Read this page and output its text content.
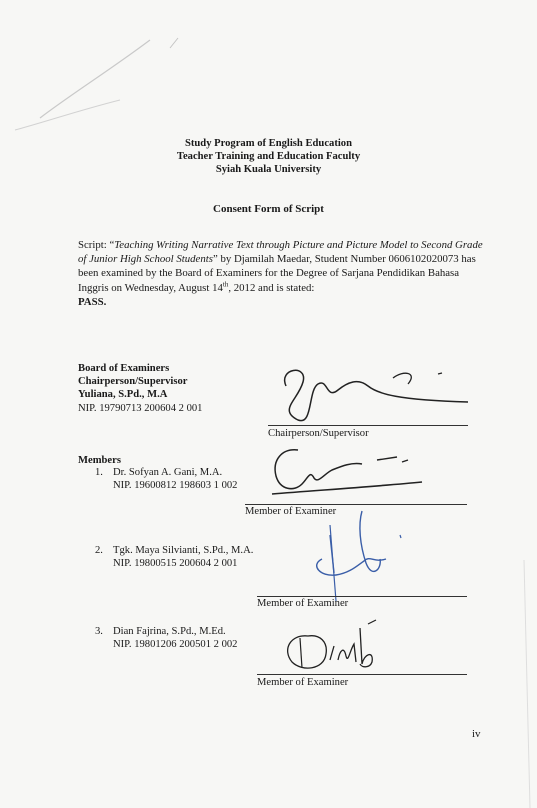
Study Program of English Education
Teacher Training and Education Faculty
Syiah Kuala University
Consent Form of Script
Script: “Teaching Writing Narrative Text through Picture and Picture Model to Second Grade of Junior High School Students” by Djamilah Maedar, Student Number 0606102020073 has been examined by the Board of Examiners for the Degree of Sarjana Pendidikan Bahasa Inggris on Wednesday, August 14th, 2012 and is stated:
PASS.
Board of Examiners
Chairperson/Supervisor
Yuliana, S.Pd., M.A
NIP. 19790713 200604 2 001
Chairperson/Supervisor
Members
1. Dr. Sofyan A. Gani, M.A.
NIP. 19600812 198603 1 002
Member of Examiner
2. Tgk. Maya Silvianti, S.Pd., M.A.
NIP. 19800515 200604 2 001
Member of Examiner
3. Dian Fajrina, S.Pd., M.Ed.
NIP. 19801206 200501 2 002
Member of Examiner
iv
